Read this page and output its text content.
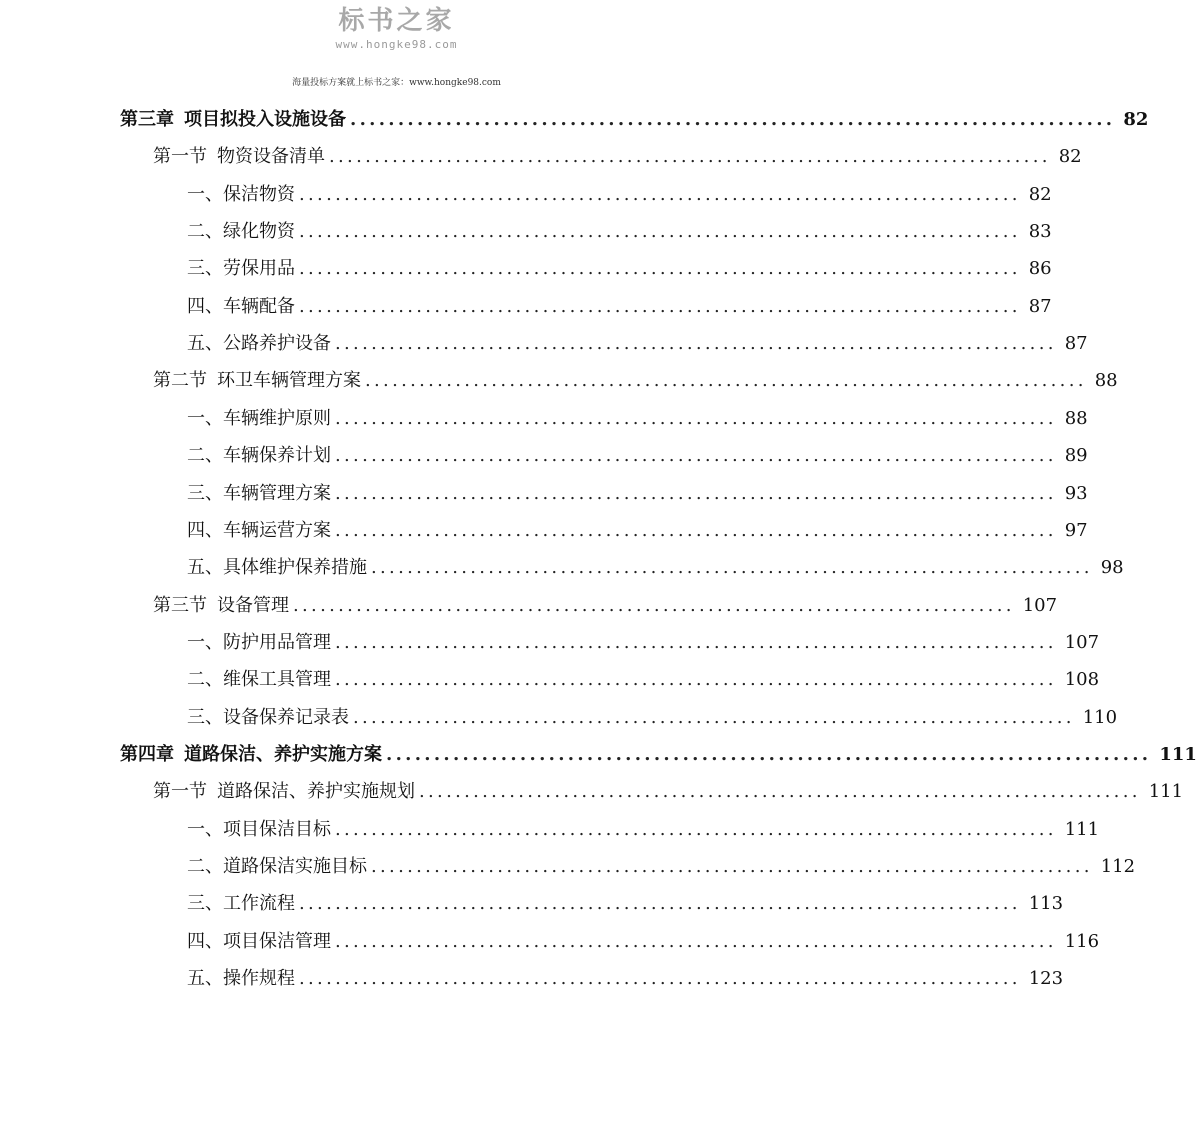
标书之家
www.hongke98.com
海量投标方案就上标书之家：www.hongke98.com
第三章 项目拟投入设施设备 ................................................................................ 82
第一节 物资设备清单 ................................................................................ 82
一、 保洁物资 ................................................................................ 82
二、 绿化物资 ................................................................................ 83
三、 劳保用品 ................................................................................ 86
四、 车辆配备 ................................................................................ 87
五、 公路养护设备 ................................................................................ 87
第二节 环卫车辆管理方案 ................................................................................ 88
一、 车辆维护原则 ................................................................................ 88
二、 车辆保养计划 ................................................................................ 89
三、 车辆管理方案 ................................................................................ 93
四、 车辆运营方案 ................................................................................ 97
五、 具体维护保养措施 ................................................................................ 98
第三节 设备管理 ................................................................................ 107
一、 防护用品管理 ................................................................................ 107
二、 维保工具管理 ................................................................................ 108
三、 设备保养记录表 ................................................................................ 110
第四章 道路保洁、养护实施方案 ................................................................................ 111
第一节 道路保洁、养护实施规划 ................................................................................ 111
一、 项目保洁目标 ................................................................................ 111
二、 道路保洁实施目标 ................................................................................ 112
三、 工作流程 ................................................................................ 113
四、 项目保洁管理 ................................................................................ 116
五、 操作规程 ................................................................................ 123
